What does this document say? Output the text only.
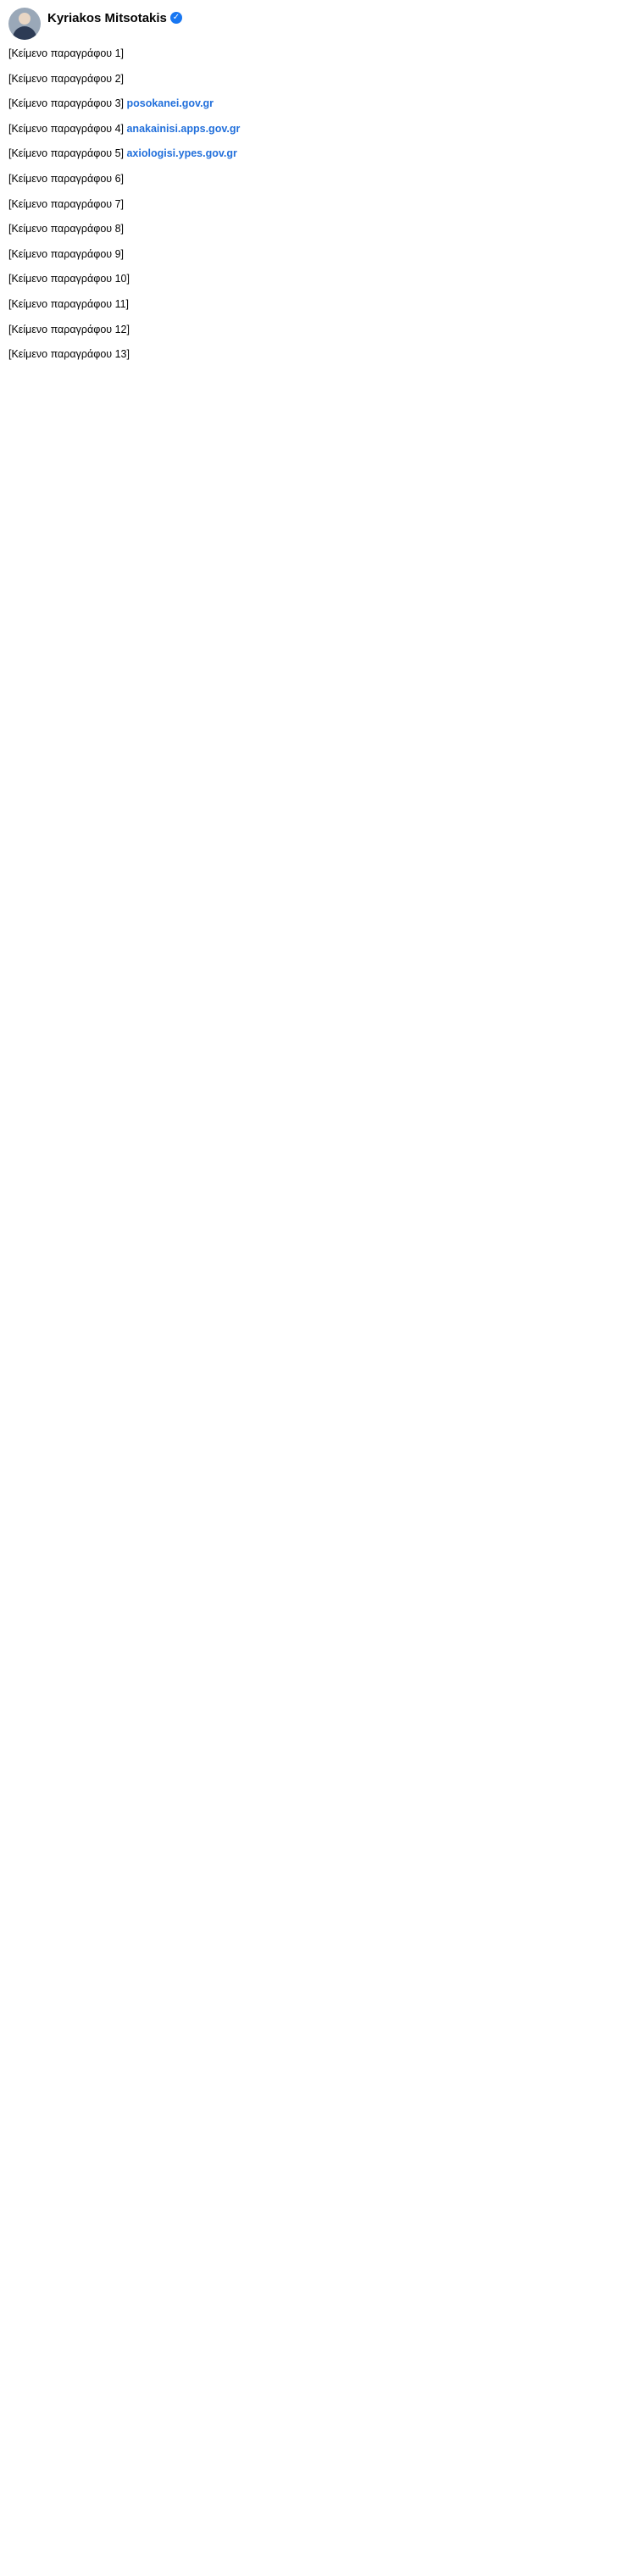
Kyriakos Mitsotakis ✓

[Κείμενο παραγράφου 1]

[Κείμενο παραγράφου 2]

[Κείμενο παραγράφου 3] posokanei.gov.gr

[Κείμενο παραγράφου 4] anakainisi.apps.gov.gr

[Κείμενο παραγράφου 5] axiologisi.ypes.gov.gr

[Κείμενο παραγράφου 6]

[Κείμενο παραγράφου 7]

[Κείμενο παραγράφου 8]

[Κείμενο παραγράφου 9]

[Κείμενο παραγράφου 10]

[Κείμενο παραγράφου 11]

[Κείμενο παραγράφου 12]

[Κείμενο παραγράφου 13]
